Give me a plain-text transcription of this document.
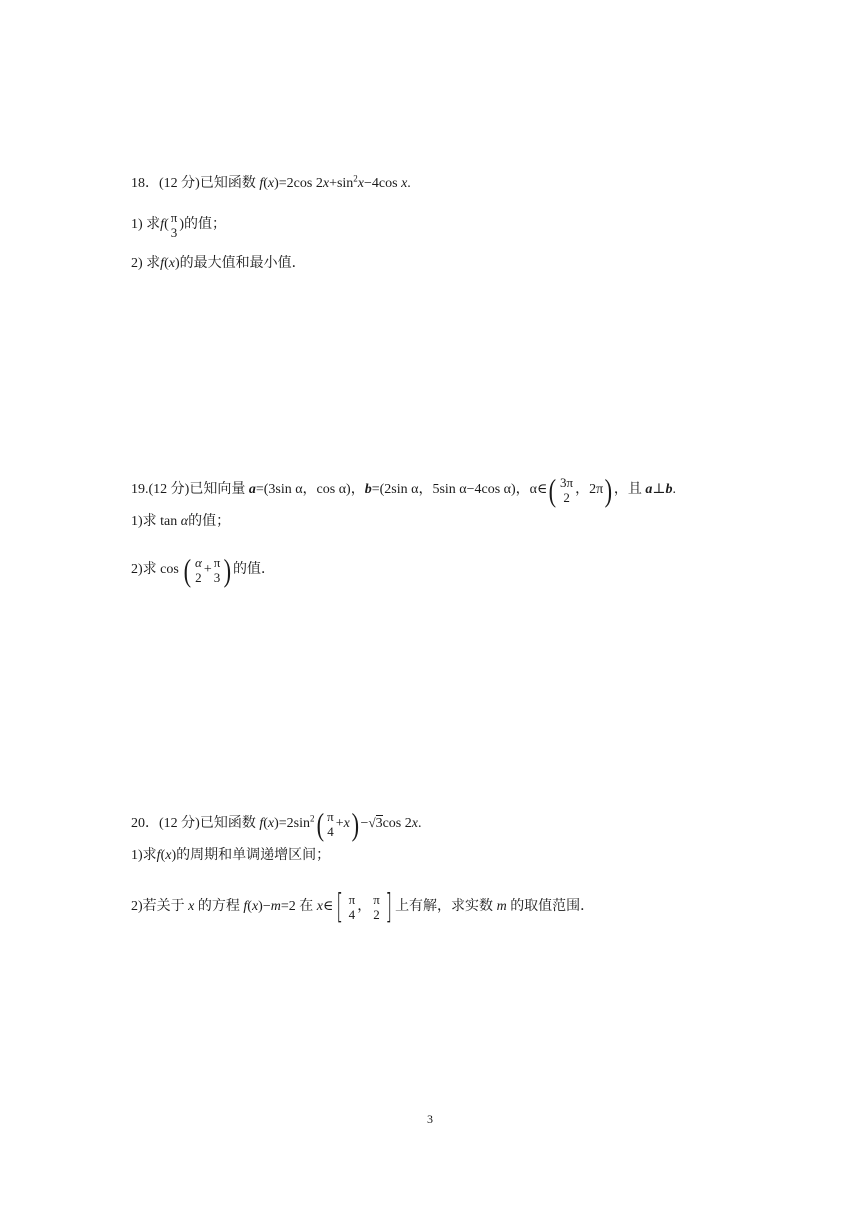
18．(12 分)已知函数 f(x)=2cos $2x+\sin^2x-4\cos$ x.
1) 求f( π
3
)的值；
2) 求f(x)的最大值和最小值．
19.(12 分)已知向量 a=(3sin α，cos α)，b=(2sin α，5sin α−4cos α)，α∈( 3π
2
，2π) ，且 a⊥b.
1)求 tan α的值；
2)求 cos ( α
2
+ π
3 ) 的值．
20．(12 分)已知函数 $f(x)=2\sin^2$( π
4
+x) −√3cos 2x.
1)求f(x)的周期和单调递增区间；
2)若关于 x 的方程 f(x)−m=2 在 x∈[ π
4
， π
2 ] 上有解，求实数 m 的取值范围．
3
